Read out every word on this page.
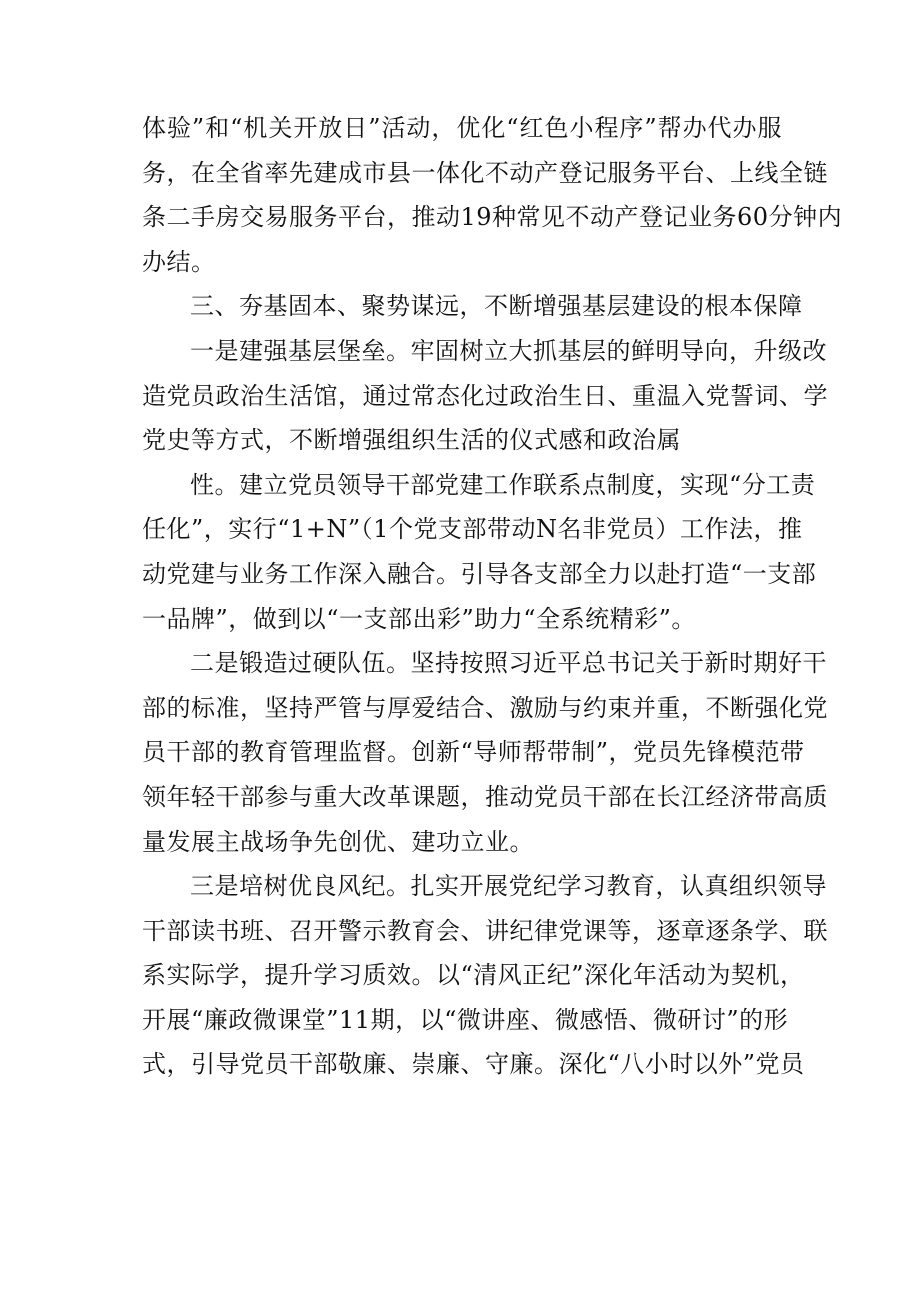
体验”和“机关开放日”活动，优化“红色小程序”帮办代办服
务，在全省率先建成市县一体化不动产登记服务平台、上线全链
条二手房交易服务平台，推动19种常见不动产登记业务60分钟内
办结。
三、夯基固本、聚势谋远，不断增强基层建设的根本保障
一是建强基层堡垒。牢固树立大抓基层的鲜明导向，升级改
造党员政治生活馆，通过常态化过政治生日、重温入党誓词、学
党史等方式，不断增强组织生活的仪式感和政治属
性。建立党员领导干部党建工作联系点制度，实现“分工责
任化”，实行“1+N”（1个党支部带动N名非党员）工作法，推
动党建与业务工作深入融合。引导各支部全力以赴打造“一支部
一品牌”，做到以“一支部出彩”助力“全系统精彩”。
二是锻造过硬队伍。坚持按照习近平总书记关于新时期好干
部的标准，坚持严管与厚爱结合、激励与约束并重，不断强化党
员干部的教育管理监督。创新“导师帮带制”，党员先锋模范带
领年轻干部参与重大改革课题，推动党员干部在长江经济带高质
量发展主战场争先创优、建功立业。
三是培树优良风纪。扎实开展党纪学习教育，认真组织领导
干部读书班、召开警示教育会、讲纪律党课等，逐章逐条学、联
系实际学，提升学习质效。以“清风正纪”深化年活动为契机，
开展“廉政微课堂”11期，以“微讲座、微感悟、微研讨”的形
式，引导党员干部敬廉、崇廉、守廉。深化“八小时以外”党员
